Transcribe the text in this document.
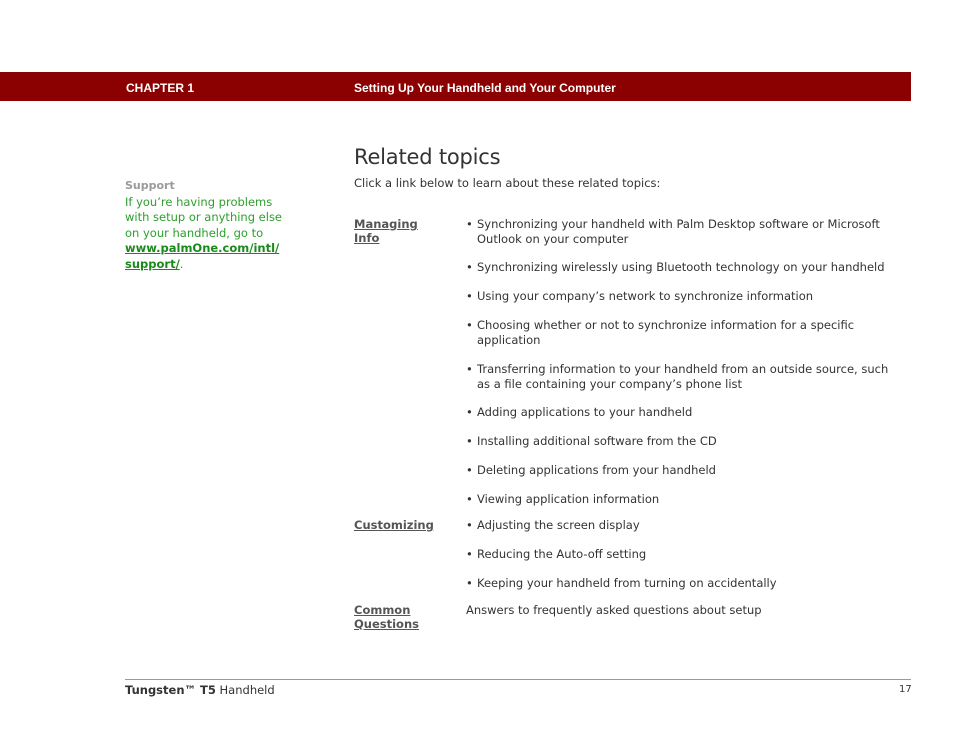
CHAPTER 1	Setting Up Your Handheld and Your Computer
Support
If you’re having problems
with setup or anything else
on your handheld, go to
www.palmOne.com/intl/
support/.
Related topics
Click a link below to learn about these related topics:
Managing Info
• Synchronizing your handheld with Palm Desktop software or Microsoft Outlook on your computer
• Synchronizing wirelessly using Bluetooth technology on your handheld
• Using your company’s network to synchronize information
• Choosing whether or not to synchronize information for a specific application
• Transferring information to your handheld from an outside source, such as a file containing your company’s phone list
• Adding applications to your handheld
• Installing additional software from the CD
• Deleting applications from your handheld
• Viewing application information
Customizing
•	Adjusting the screen display
• Reducing the Auto-off setting
• Keeping your handheld from turning on accidentally
Common
Questions
Answers to frequently asked questions about setup
Tungsten™ T5 Handheld	17
